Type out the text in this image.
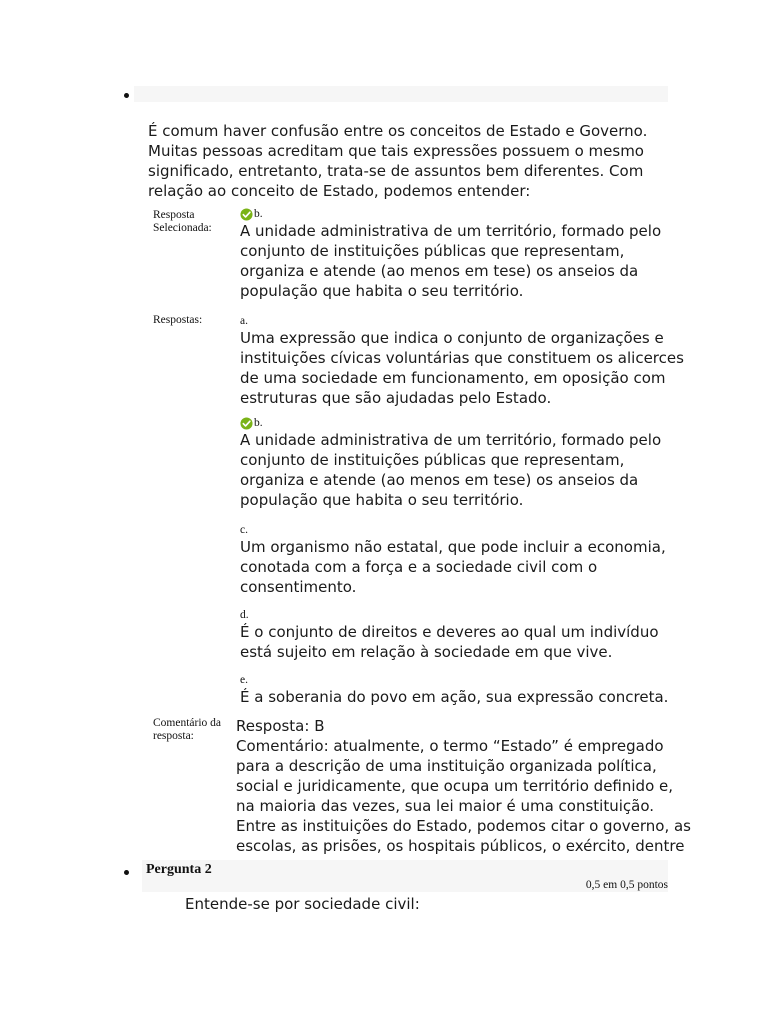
É comum haver confusão entre os conceitos de Estado e Governo. Muitas pessoas acreditam que tais expressões possuem o mesmo significado, entretanto, trata-se de assuntos bem diferentes. Com relação ao conceito de Estado, podemos entender:
Resposta Selecionada:
b.
A unidade administrativa de um território, formado pelo conjunto de instituições públicas que representam, organiza e atende (ao menos em tese) os anseios da população que habita o seu território.
Respostas:	a.
Uma expressão que indica o conjunto de organizações e instituições cívicas voluntárias que constituem os alicerces de uma sociedade em funcionamento, em oposição com estruturas que são ajudadas pelo Estado.
b.
A unidade administrativa de um território, formado pelo conjunto de instituições públicas que representam, organiza e atende (ao menos em tese) os anseios da população que habita o seu território.
c.
Um organismo não estatal, que pode incluir a economia, conotada com a força e a sociedade civil com o consentimento.
d.
É o conjunto de direitos e deveres ao qual um indivíduo está sujeito em relação à sociedade em que vive.
e.
É a soberania do povo em ação, sua expressão concreta.
Comentário da resposta:
Resposta: B
Comentário: atualmente, o termo “Estado” é empregado para a descrição de uma instituição organizada política, social e juridicamente, que ocupa um território definido e, na maioria das vezes, sua lei maior é uma constituição. Entre as instituições do Estado, podemos citar o governo, as escolas, as prisões, os hospitais públicos, o exército, dentre
Pergunta 2
0,5 em 0,5 pontos
Entende-se por sociedade civil:
